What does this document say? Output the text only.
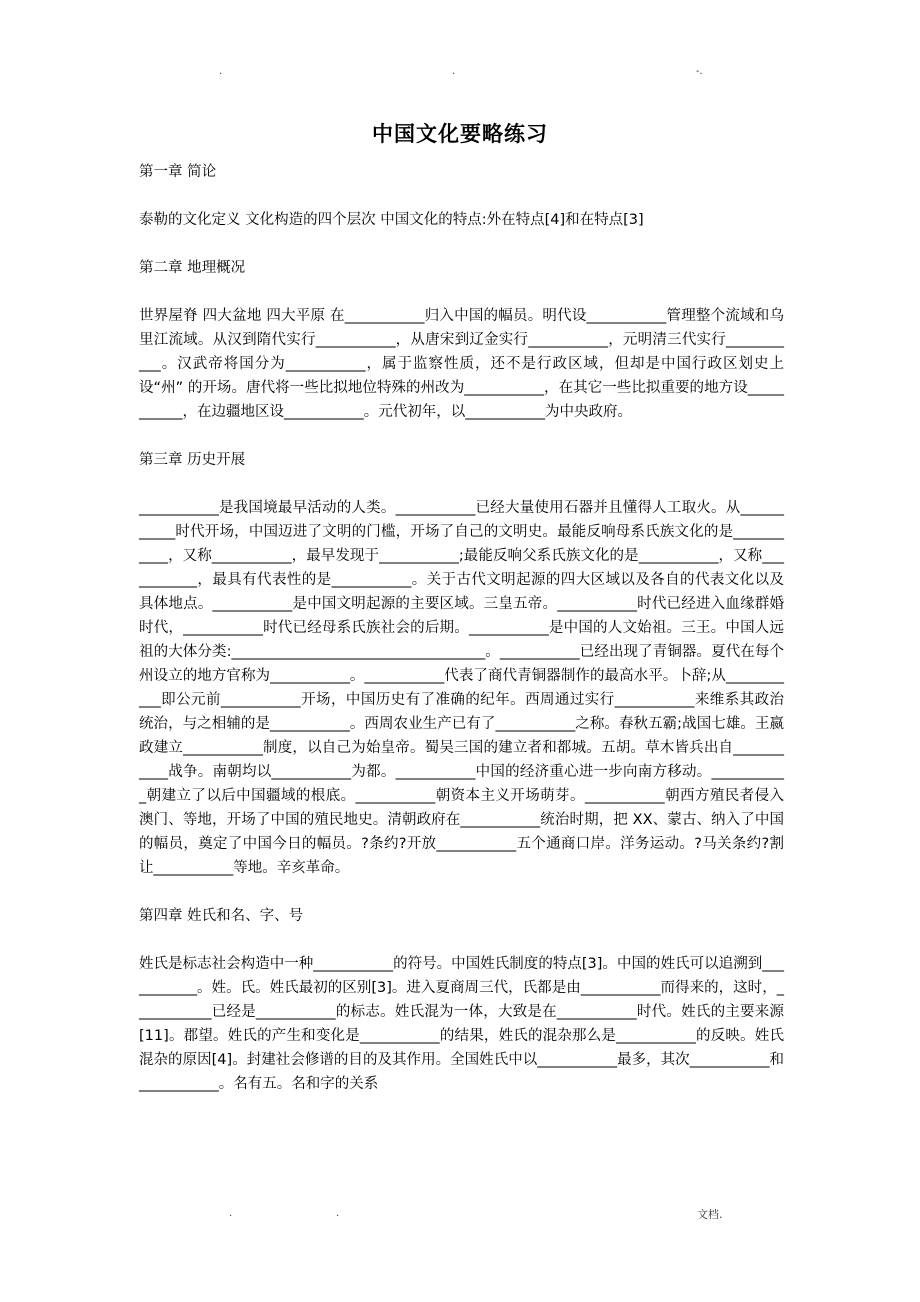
.	.	-.
中国文化要略练习
第一章 简论
泰勒的文化定义 文化构造的四个层次 中国文化的特点:外在特点[4]和在特点[3]
第二章 地理概况
世界屋脊 四大盆地 四大平原 在___________归入中国的幅员。明代设___________管理整个流域和乌里江流域。从汉到隋代实行___________，从唐宋到辽金实行___________，元明清三代实行___________。汉武帝将国分为___________，属于监察性质，还不是行政区域，但却是中国行政区划史上设“州” 的开场。唐代将一些比拟地位特殊的州改为___________，在其它一些比拟重要的地方设___________，在边疆地区设___________。元代初年，以___________为中央政府。
第三章 历史开展
___________是我国境最早活动的人类。___________已经大量使用石器并且懂得人工取火。从___________时代开场，中国迈进了文明的门槛，开场了自己的文明史。最能反响母系氏族文化的是___________，又称___________，最早发现于___________;最能反响父系氏族文化的是___________，又称___________，最具有代表性的是___________。关于古代文明起源的四大区域以及各自的代表文化以及具体地点。___________是中国文明起源的主要区域。三皇五帝。___________时代已经进入血缘群婚时代，___________时代已经母系氏族社会的后期。___________是中国的人文始祖。三王。中国人远祖的大体分类:___________________________________。___________已经出现了青铜器。夏代在每个州设立的地方官称为___________。___________代表了商代青铜器制作的最高水平。卜辞;从___________即公元前___________开场，中国历史有了准确的纪年。西周通过实行___________来维系其政治统治，与之相辅的是___________。西周农业生产已有了___________之称。春秋五霸;战国七雄。王嬴政建立___________制度，以自己为始皇帝。蜀吴三国的建立者和都城。五胡。草木皆兵出自___________战争。南朝均以___________为都。___________中国的经济重心进一步向南方移动。___________朝建立了以后中国疆域的根底。___________朝资本主义开场萌芽。___________朝西方殖民者侵入澳门、等地，开场了中国的殖民地史。清朝政府在___________统治时期，把 XX、蒙古、纳入了中国的幅员，奠定了中国今日的幅员。?条约?开放___________五个通商口岸。洋务运动。?马关条约?割让___________等地。辛亥革命。
第四章 姓氏和名、字、号
姓氏是标志社会构造中一种___________的符号。中国姓氏制度的特点[3]。中国的姓氏可以追溯到___________。姓。氏。姓氏最初的区别[3]。进入夏商周三代，氏都是由___________而得来的，这时，___________已经是___________的标志。姓氏混为一体，大致是在___________时代。姓氏的主要来源[11]。郡望。姓氏的产生和变化是___________的结果，姓氏的混杂那么是___________的反映。姓氏混杂的原因[4]。封建社会修谱的目的及其作用。全国姓氏中以___________最多，其次___________和___________。名有五。名和字的关系
.	.	文档.
